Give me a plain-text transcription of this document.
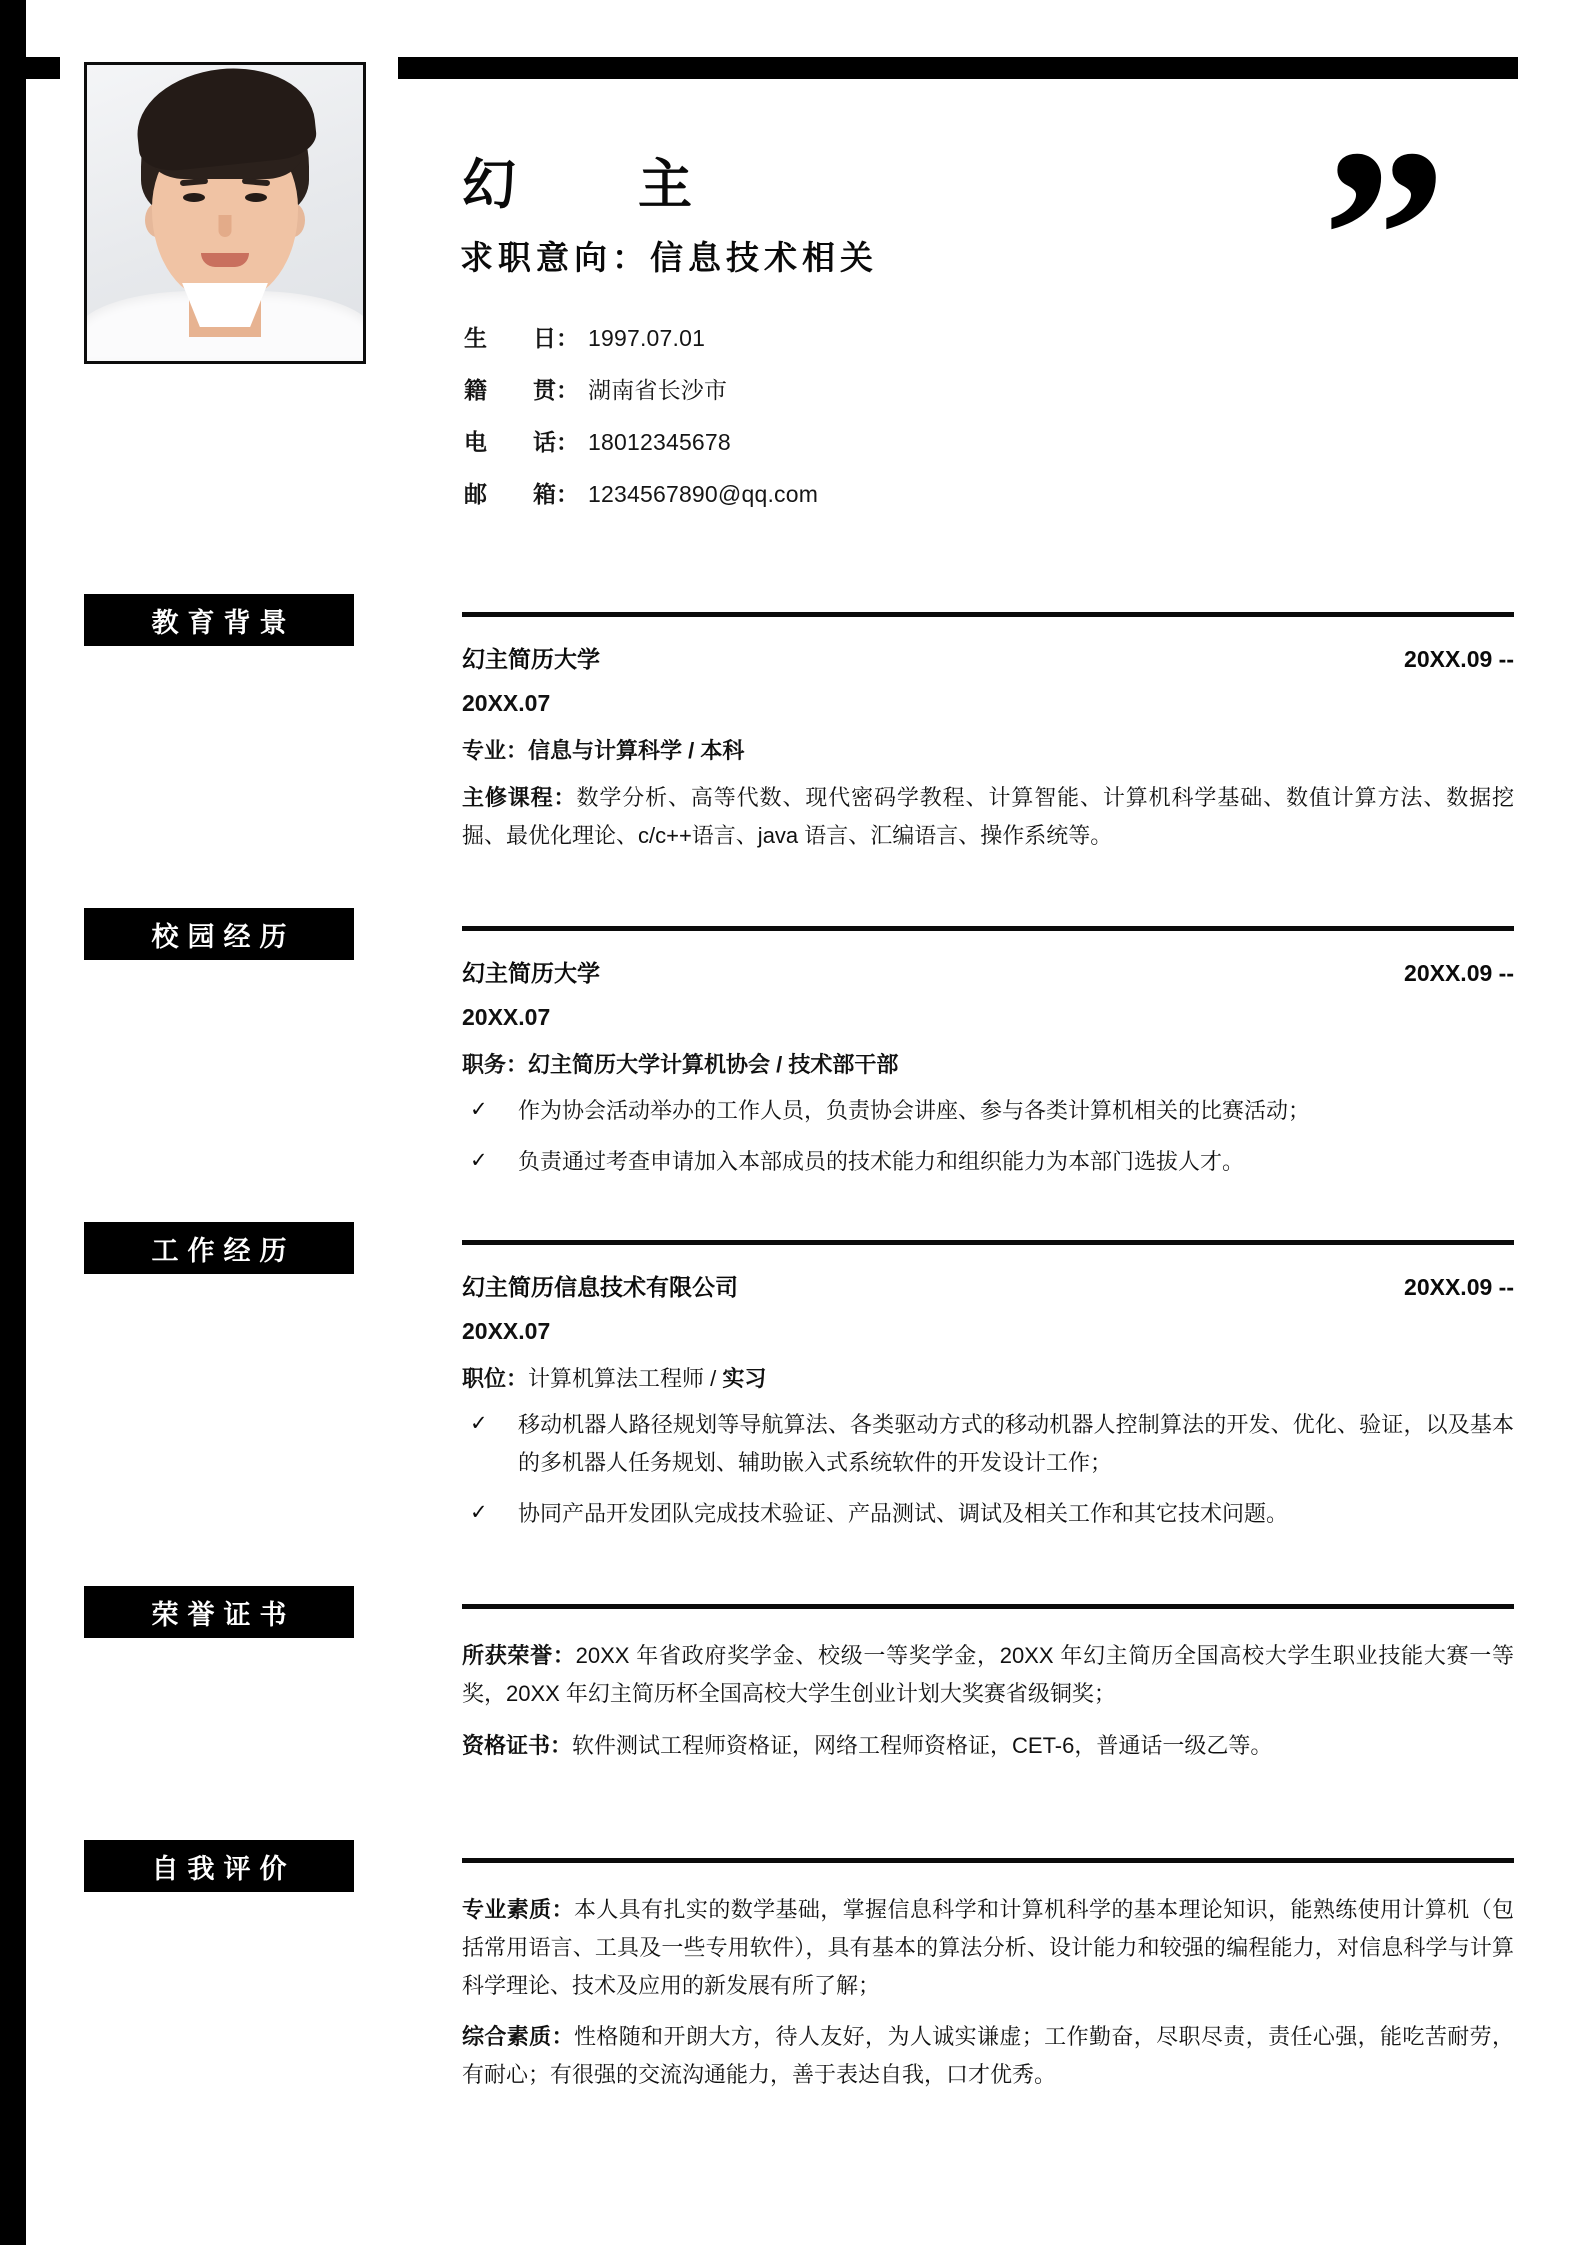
”
幻　主
求职意向：信息技术相关
生 日 ： 1997.07.01
籍 贯 ： 湖南省长沙市
电 话 ： 18012345678
邮 箱 ： 1234567890@qq.com
教育背景
校园经历
工作经历
荣誉证书
自我评价
幻主简历大学	20XX.09 --
20XX.07
专业：信息与计算科学 / 本科
主修课程：数学分析、高等代数、现代密码学教程、计算智能、计算机科学基础、数值计算方法、数据挖掘、最优化理论、c/c++语言、java 语言、汇编语言、操作系统等。
幻主简历大学	20XX.09 --
20XX.07
职务：幻主简历大学计算机协会 / 技术部干部
✓	作为协会活动举办的工作人员，负责协会讲座、参与各类计算机相关的比赛活动；
✓	负责通过考查申请加入本部成员的技术能力和组织能力为本部门选拔人才。
幻主简历信息技术有限公司	20XX.09 --
20XX.07
职位：计算机算法工程师 / 实习
✓	移动机器人路径规划等导航算法、各类驱动方式的移动机器人控制算法的开发、优化、验证，以及基本的多机器人任务规划、辅助嵌入式系统软件的开发设计工作；
✓	协同产品开发团队完成技术验证、产品测试、调试及相关工作和其它技术问题。
所获荣誉：20XX 年省政府奖学金、校级一等奖学金，20XX 年幻主简历全国高校大学生职业技能大赛一等奖，20XX 年幻主简历杯全国高校大学生创业计划大奖赛省级铜奖；
资格证书：软件测试工程师资格证，网络工程师资格证，CET-6，普通话一级乙等。
专业素质：本人具有扎实的数学基础，掌握信息科学和计算机科学的基本理论知识，能熟练使用计算机（包括常用语言、工具及一些专用软件），具有基本的算法分析、设计能力和较强的编程能力，对信息科学与计算科学理论、技术及应用的新发展有所了解；
综合素质：性格随和开朗大方，待人友好，为人诚实谦虚；工作勤奋，尽职尽责，责任心强，能吃苦耐劳，有耐心；有很强的交流沟通能力，善于表达自我，口才优秀。
